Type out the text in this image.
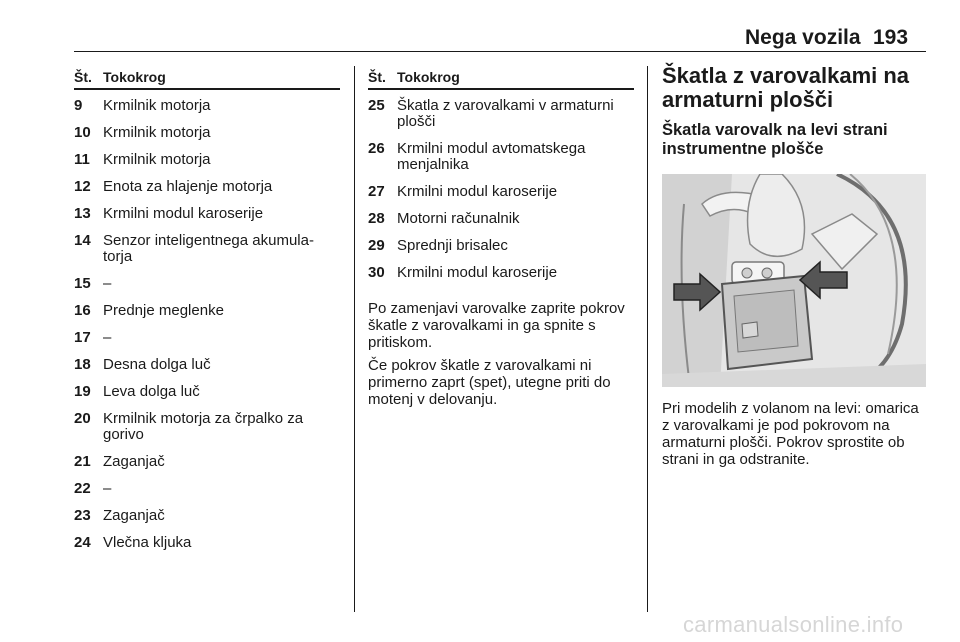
Nega vozila 193
Št. Tokokrog
9 Krmilnik motorja
10 Krmilnik motorja
11 Krmilnik motorja
12 Enota za hlajenje motorja
13 Krmilni modul karoserije
14 Senzor inteligentnega akumula-torja
15 –
16 Prednje meglenke
17 –
18 Desna dolga luč
19 Leva dolga luč
20 Krmilnik motorja za črpalko za gorivo
21 Zaganjač
22 –
23 Zaganjač
24 Vlečna kljuka
Št. Tokokrog
25 Škatla z varovalkami v armaturni plošči
26 Krmilni modul avtomatskega menjalnika
27 Krmilni modul karoserije
28 Motorni računalnik
29 Sprednji brisalec
30 Krmilni modul karoserije

Po zamenjavi varovalke zaprite pokrov škatle z varovalkami in ga spnite s pritiskom.

Če pokrov škatle z varovalkami ni primerno zaprt (spet), utegne priti do motenj v delovanju.

Škatla z varovalkami na armaturni plošči

Škatla varovalk na levi strani instrumentne plošče

Pri modelih z volanom na levi: omarica z varovalkami je pod pokrovom na armaturni plošči. Pokrov sprostite ob strani in ga odstranite.

carmanualsonline.info
